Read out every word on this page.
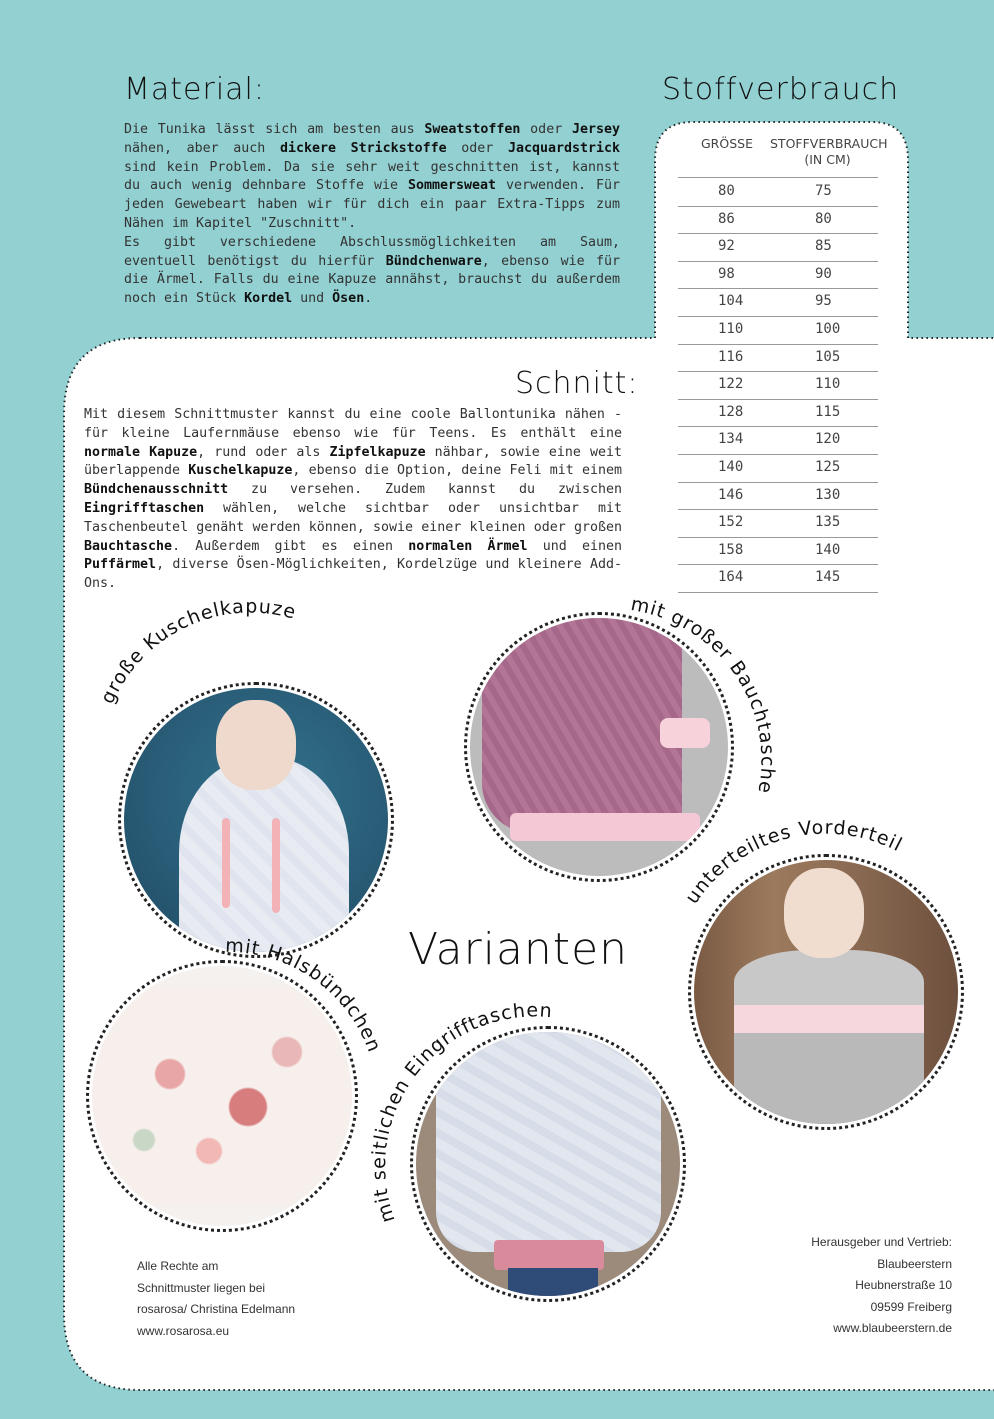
Material:
Die Tunika lässt sich am besten aus Sweatstoffen oder Jersey nähen, aber auch dickere Strickstoffe oder Jacquardstrick sind kein Problem. Da sie sehr weit geschnitten ist, kannst du auch wenig dehnbare Stoffe wie Sommersweat verwenden. Für jeden Gewebeart haben wir für dich ein paar Extra-Tipps zum Nähen im Kapitel "Zuschnitt".
Es gibt verschiedene Abschlussmöglichkeiten am Saum, eventuell benötigst du hierfür Bündchenware, ebenso wie für die Ärmel. Falls du eine Kapuze annähst, brauchst du außerdem noch ein Stück Kordel und Ösen.
Stoffverbrauch
GRÖSSE	STOFFVERBRAUCH
(IN CM)
80	75
86	80
92	85
98	90
104	95
110	100
116	105
122	110
128	115
134	120
140	125
146	130
152	135
158	140
164	145
Schnitt:
Mit diesem Schnittmuster kannst du eine coole Ballontunika nähen - für kleine Laufernmäuse ebenso wie für Teens. Es enthält eine normale Kapuze, rund oder als Zipfelkapuze nähbar, sowie eine weit überlappende Kuschelkapuze, ebenso die Option, deine Feli mit einem Bündchenausschnitt zu versehen. Zudem kannst du zwischen Eingrifftaschen wählen, welche sichtbar oder unsichtbar mit Taschenbeutel genäht werden können, sowie einer kleinen oder großen Bauchtasche. Außerdem gibt es einen normalen Ärmel und einen Puffärmel, diverse Ösen-Möglichkeiten, Kordelzüge und kleinere Add-Ons.
Varianten
große Kuschelkapuze	mit großer Bauchtasche
unterteiltes Vorderteil
mit Halsbündchen
mit seitlichen Eingrifftaschen
Alle Rechte am
Schnittmuster liegen bei
rosarosa/ Christina Edelmann
www.rosarosa.eu
Herausgeber und Vertrieb:
Blaubeerstern
Heubnerstraße 10
09599 Freiberg
www.blaubeerstern.de
